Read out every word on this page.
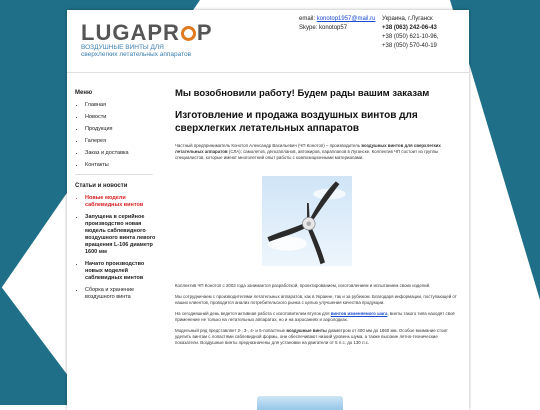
LUGAPR P
ВОЗДУШНЫЕ ВИНТЫ ДЛЯ
сверхлегких летательных аппаратов
email: konotop1957@mail.ru
Skype: konotop57
Украина, г.Луганск
+38 (063) 242-06-43
+38 (050) 621-10-96,
+38 (050) 570-40-19
Меню
• Главная
• Новости
• Продукция
• Галерея
• Заказ и доставка
• Контакты
Статьи и новости
• Новые модели саблевидных винтов
• Запущена в серийное производство новая модель саблевидного воздушного винта левого вращения L-106 диаметр 1600 мм
• Начато производство новых моделей саблевидных винтов
• Сборка и хранение воздушного винта
Мы возобновили работу! Будем рады вашим заказам
Изготовление и продажа воздушных винтов для сверхлегких летательных аппаратов

Частный предприниматель Конотоп Александр Васильевич (ЧП Конотоп) – производитель воздушных винтов для сверхлегких летательных аппаратов (СЛА): самолетов, дельтапланов, автожиров, параплanов в Луганске. Коллектив ЧП состоит из группы специалистов, которые имеют многолетний опыт работы с композиционными материалами.

Коллектив ЧП Конотоп с 2003 года занимается разработкой, проектированием, изготовлением и испытанием своих изделий.

Мы сотрудничаем с производителями летательных аппаратов, как в Украине, так и за рубежом. Благодаря информации, поступающей от наших клиентов, проводится анализ потребительского рынка с целью улучшения качества продукции.

На сегодняшний день ведется активная работа с изготовителем втулок для винтов изменяемого шага, винты такого типа находят своё применение не только на летательных аппаратах, но и на аэросаниях и аэролодках.

Модельный ряд представляет 2-, 3-, 4- и 5-лопастные воздушные винты диаметром от 400 мм до 1860 мм. Особое внимание стоит уделить винтам с лопастями саблевидной формы, они обеспечивают низкий уровень шума, а также высокие летно-технические показатели. Воздушные винты предназначены для установки на двигатели от 5 л.с. до 130 л.с.
